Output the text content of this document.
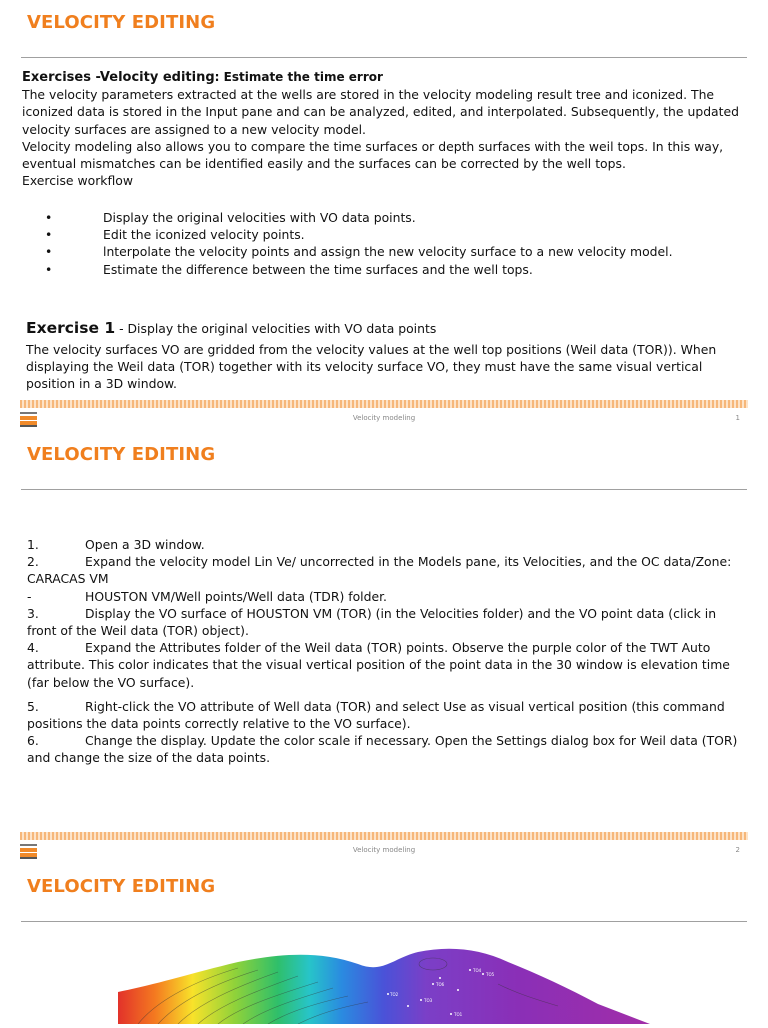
VELOCITY EDITING

Exercises -Velocity editing: Estimate the time error

The velocity parameters extracted at the wells are stored in the velocity modeling result tree and iconized. The iconized data is stored in the Input pane and can be analyzed, edited, and interpolated. Subsequently, the updated velocity surfaces are assigned to a new velocity model.

Velocity modeling also allows you to compare the time surfaces or depth surfaces with the weil tops. In this way, eventual mismatches can be identified easily and the surfaces can be corrected by the well tops.

Exercise workflow

•	Display the original velocities with VO data points.
•	Edit the iconized velocity points.
•	lnterpolate the velocity points and assign the new velocity surface to a new velocity model.
•	Estimate the difference between the time surfaces and the well tops.
Exercise 1 - Display the original velocities with VO data points
The velocity surfaces VO are gridded from the velocity values at the well top positions (Weil data (TOR)). When displaying the Weil data (TOR) together with its velocity surface VO, they must have the same visual vertical position in a 3D window.
Velocity modeling	1
VELOCITY EDITING
1.	Open a 3D window.
2.	Expand the velocity model Lin Ve/ uncorrected in the Models pane, its Velocities, and the OC data/Zone: CARACAS VM
-	HOUSTON VM/Well points/Well data (TDR) folder.
3.	Display the VO surface of HOUSTON VM (TOR) (in the Velocities folder) and the VO point data (click in front of the Weil data (TOR) object).
4.	Expand the Attributes folder of the Weil data (TOR) points. Observe the purple color of the TWT Auto attribute. This color indicates that the visual vertical position of the point data in the 30 window is elevation time (far below the VO surface).
5.	Right-click the VO attribute of Well data (TOR) and select Use as visual vertical position (this command positions the data points correctly relative to the VO surface).
6.	Change the display. Update the color scale if necessary. Open the Settings dialog box for Weil data (TOR) and change the size of the data points.
Velocity modeling	2
VELOCITY EDITING
TO4
TO5
TO6
TO2
TO3
TO1
